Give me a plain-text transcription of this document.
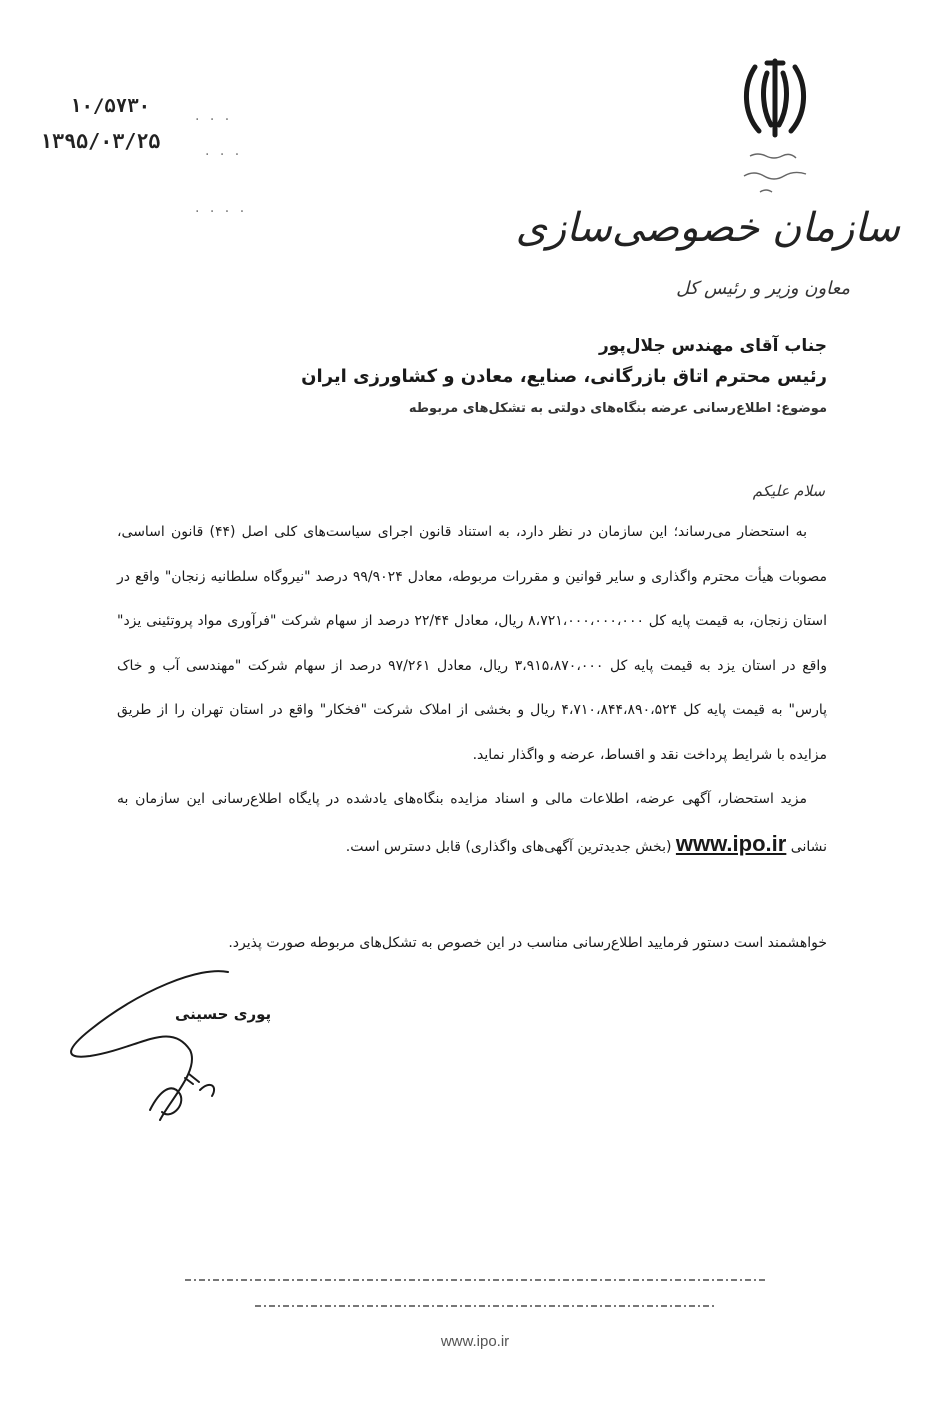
۱۰/۵۷۳۰
۱۳۹۵/۰۳/۲۵
. . .
. . .
. . . .	سازمان خصوصی‌سازی
معاون وزیر و رئیس کل
جناب آقای مهندس جلال‌پور
رئیس محترم اتاق بازرگانی، صنایع، معادن و کشاورزی ایران
موضوع: اطلاع‌رسانی عرضه بنگاه‌های دولتی به تشکل‌های مربوطه
سلام علیکم

به استحضار می‌رساند؛ این سازمان در نظر دارد، به استناد قانون اجرای سیاست‌های کلی اصل (۴۴) قانون اساسی، مصوبات هیأت محترم واگذاری و سایر قوانین و مقررات مربوطه، معادل ۹۹/۹۰۲۴ درصد "نیروگاه سلطانیه زنجان" واقع در استان زنجان، به قیمت پایه کل ۸،۷۲۱،۰۰۰،۰۰۰،۰۰۰ ریال، معادل ۲۲/۴۴ درصد از سهام شرکت "فرآوری مواد پروتئینی یزد" واقع در استان یزد به قیمت پایه کل ۳،۹۱۵،۸۷۰،۰۰۰ ریال، معادل ۹۷/۲۶۱ درصد از سهام شرکت "مهندسی آب و خاک پارس" به قیمت پایه کل ۴،۷۱۰،۸۴۴،۸۹۰،۵۲۴ ریال و بخشی از املاک شرکت "فخکار" واقع در استان تهران را از طریق مزایده با شرایط پرداخت نقد و اقساط، عرضه و واگذار نماید.

مزید استحضار، آگهی عرضه، اطلاعات مالی و اسناد مزایده بنگاه‌های یادشده در پایگاه اطلاع‌رسانی این سازمان به نشانی www.ipo.ir (بخش جدیدترین آگهی‌های واگذاری) قابل دسترس است.

خواهشمند است دستور فرمایید اطلاع‌رسانی مناسب در این خصوص به تشکل‌های مربوطه صورت پذیرد.
پوری حسینی
www.ipo.ir
